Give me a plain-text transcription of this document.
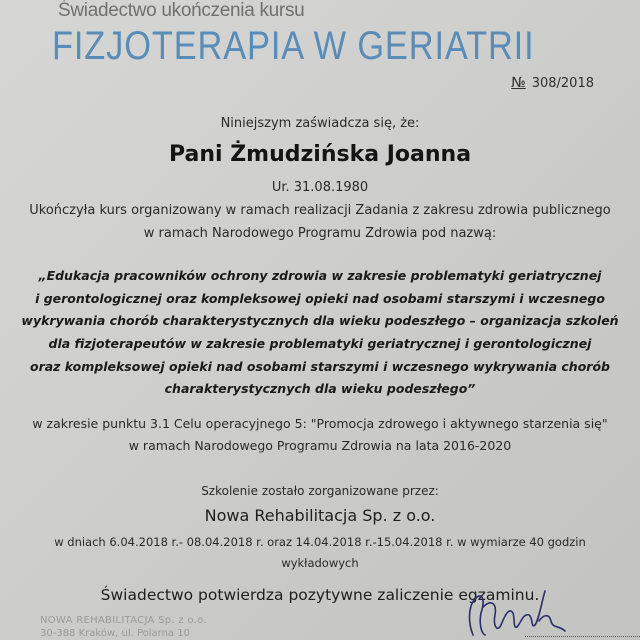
Świadectwo ukończenia kursu
FIZJOTERAPIA W GERIATRII
№ 308/2018
Niniejszym zaświadcza się, że:
Pani Żmudzińska Joanna
Ur. 31.08.1980
Ukończyła kurs organizowany w ramach realizacji Zadania z zakresu zdrowia publicznego
w ramach Narodowego Programu Zdrowia pod nazwą:
„Edukacja pracowników ochrony zdrowia w zakresie problematyki geriatrycznej
i gerontologicznej oraz kompleksowej opieki nad osobami starszymi i wczesnego
wykrywania chorób charakterystycznych dla wieku podeszłego – organizacja szkoleń
dla fizjoterapeutów w zakresie problematyki geriatrycznej i gerontologicznej
oraz kompleksowej opieki nad osobami starszymi i wczesnego wykrywania chorób
charakterystycznych dla wieku podeszłego”
w zakresie punktu 3.1 Celu operacyjnego 5: "Promocja zdrowego i aktywnego starzenia się"
w ramach Narodowego Programu Zdrowia na lata 2016-2020
Szkolenie zostało zorganizowane przez:
Nowa Rehabilitacja Sp. z o.o.
w dniach 6.04.2018 r.- 08.04.2018 r. oraz 14.04.2018 r.-15.04.2018 r. w wymiarze 40 godzin
wykładowych
Świadectwo potwierdza pozytywne zaliczenie egzaminu.
NOWA REHABILITACJA Sp. z o.o.
30-388 Kraków, ul. Polarna 10
